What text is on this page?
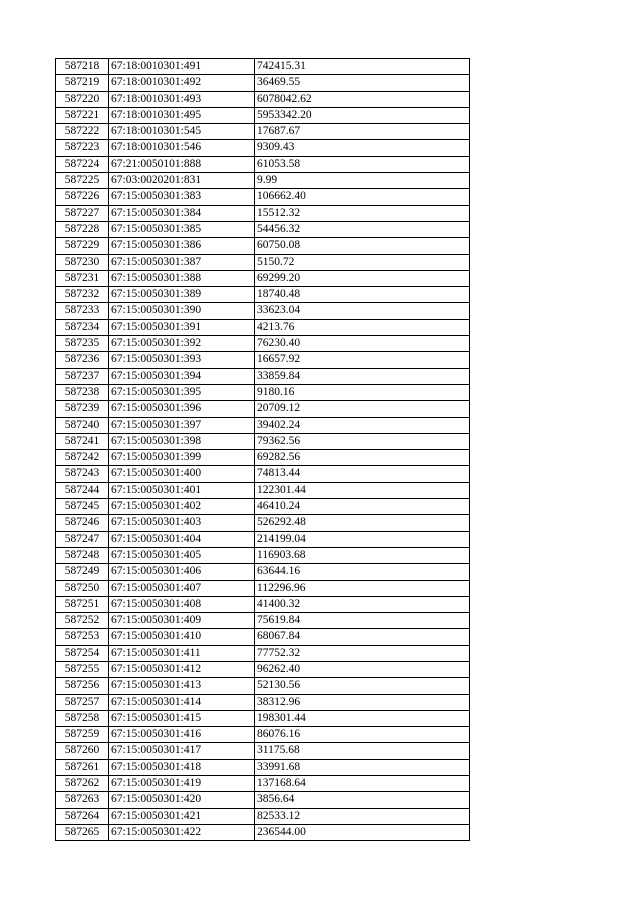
587218	67:18:0010301:491	742415.31
587219	67:18:0010301:492	36469.55
587220	67:18:0010301:493	6078042.62
587221	67:18:0010301:495	5953342.20
587222	67:18:0010301:545	17687.67
587223	67:18:0010301:546	9309.43
587224	67:21:0050101:888	61053.58
587225	67:03:0020201:831	9.99
587226	67:15:0050301:383	106662.40
587227	67:15:0050301:384	15512.32
587228	67:15:0050301:385	54456.32
587229	67:15:0050301:386	60750.08
587230	67:15:0050301:387	5150.72
587231	67:15:0050301:388	69299.20
587232	67:15:0050301:389	18740.48
587233	67:15:0050301:390	33623.04
587234	67:15:0050301:391	4213.76
587235	67:15:0050301:392	76230.40
587236	67:15:0050301:393	16657.92
587237	67:15:0050301:394	33859.84
587238	67:15:0050301:395	9180.16
587239	67:15:0050301:396	20709.12
587240	67:15:0050301:397	39402.24
587241	67:15:0050301:398	79362.56
587242	67:15:0050301:399	69282.56
587243	67:15:0050301:400	74813.44
587244	67:15:0050301:401	122301.44
587245	67:15:0050301:402	46410.24
587246	67:15:0050301:403	526292.48
587247	67:15:0050301:404	214199.04
587248	67:15:0050301:405	116903.68
587249	67:15:0050301:406	63644.16
587250	67:15:0050301:407	112296.96
587251	67:15:0050301:408	41400.32
587252	67:15:0050301:409	75619.84
587253	67:15:0050301:410	68067.84
587254	67:15:0050301:411	77752.32
587255	67:15:0050301:412	96262.40
587256	67:15:0050301:413	52130.56
587257	67:15:0050301:414	38312.96
587258	67:15:0050301:415	198301.44
587259	67:15:0050301:416	86076.16
587260	67:15:0050301:417	31175.68
587261	67:15:0050301:418	33991.68
587262	67:15:0050301:419	137168.64
587263	67:15:0050301:420	3856.64
587264	67:15:0050301:421	82533.12
587265	67:15:0050301:422	236544.00
